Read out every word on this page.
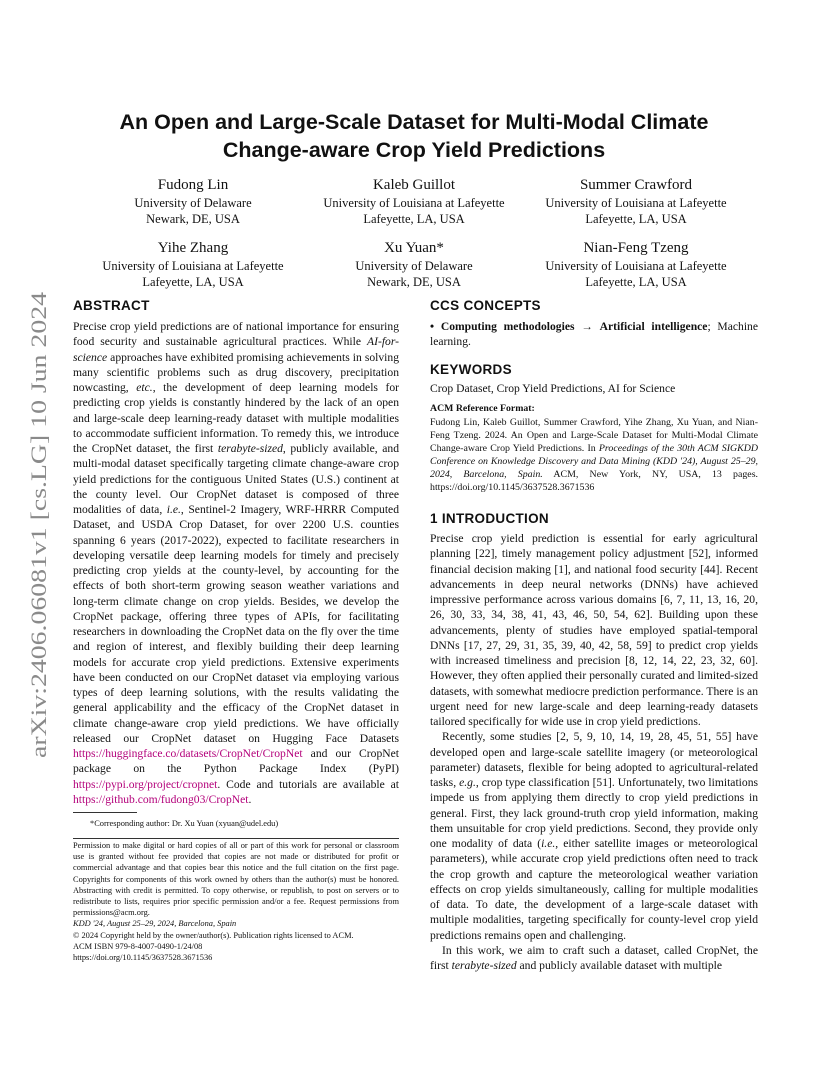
arXiv:2406.06081v1 [cs.LG] 10 Jun 2024
An Open and Large-Scale Dataset for Multi-Modal Climate
Change-aware Crop Yield Predictions
Fudong Lin
University of Delaware
Newark, DE, USA
Kaleb Guillot
University of Louisiana at Lafeyette
Lafeyette, LA, USA
Summer Crawford
University of Louisiana at Lafeyette
Lafeyette, LA, USA
Yihe Zhang
University of Louisiana at Lafeyette
Lafeyette, LA, USA
Xu Yuan*
University of Delaware
Newark, DE, USA
Nian-Feng Tzeng
University of Louisiana at Lafeyette
Lafeyette, LA, USA
ABSTRACT

Precise crop yield predictions are of national importance for ensuring food security and sustainable agricultural practices. While AI-for-science approaches have exhibited promising achievements in solving many scientific problems such as drug discovery, precipitation nowcasting, etc., the development of deep learning models for predicting crop yields is constantly hindered by the lack of an open and large-scale deep learning-ready dataset with multiple modalities to accommodate sufficient information. To remedy this, we introduce the CropNet dataset, the first terabyte-sized, publicly available, and multi-modal dataset specifically targeting climate change-aware crop yield predictions for the contiguous United States (U.S.) continent at the county level. Our CropNet dataset is composed of three modalities of data, i.e., Sentinel-2 Imagery, WRF-HRRR Computed Dataset, and USDA Crop Dataset, for over 2200 U.S. counties spanning 6 years (2017-2022), expected to facilitate researchers in developing versatile deep learning models for timely and precisely predicting crop yields at the county-level, by accounting for the effects of both short-term growing season weather variations and long-term climate change on crop yields. Besides, we develop the CropNet package, offering three types of APIs, for facilitating researchers in downloading the CropNet data on the fly over the time and region of interest, and flexibly building their deep learning models for accurate crop yield predictions. Extensive experiments have been conducted on our CropNet dataset via employing various types of deep learning solutions, with the results validating the general applicability and the efficacy of the CropNet dataset in climate change-aware crop yield predictions. We have officially released our CropNet dataset on Hugging Face Datasets https://huggingface.co/datasets/CropNet/CropNet and our CropNet package on the Python Package Index (PyPI) https://pypi.org/project/cropnet. Code and tutorials are available at https://github.com/fudong03/CropNet.

*Corresponding author: Dr. Xu Yuan (xyuan@udel.edu)
Permission to make digital or hard copies of all or part of this work for personal or classroom use is granted without fee provided that copies are not made or distributed for profit or commercial advantage and that copies bear this notice and the full citation on the first page. Copyrights for components of this work owned by others than the author(s) must be honored. Abstracting with credit is permitted. To copy otherwise, or republish, to post on servers or to redistribute to lists, requires prior specific permission and/or a fee. Request permissions from permissions@acm.org.
KDD '24, August 25–29, 2024, Barcelona, Spain
© 2024 Copyright held by the owner/author(s). Publication rights licensed to ACM.
ACM ISBN 979-8-4007-0490-1/24/08
https://doi.org/10.1145/3637528.3671536
CCS CONCEPTS
• Computing methodologies → Artificial intelligence; Machine learning.
KEYWORDS
Crop Dataset, Crop Yield Predictions, AI for Science
ACM Reference Format:
Fudong Lin, Kaleb Guillot, Summer Crawford, Yihe Zhang, Xu Yuan, and Nian-Feng Tzeng. 2024. An Open and Large-Scale Dataset for Multi-Modal Climate Change-aware Crop Yield Predictions. In Proceedings of the 30th ACM SIGKDD Conference on Knowledge Discovery and Data Mining (KDD '24), August 25–29, 2024, Barcelona, Spain. ACM, New York, NY, USA, 13 pages. https://doi.org/10.1145/3637528.3671536
1 INTRODUCTION

Precise crop yield prediction is essential for early agricultural planning [22], timely management policy adjustment [52], informed financial decision making [1], and national food security [44]. Recent advancements in deep neural networks (DNNs) have achieved impressive performance across various domains [6, 7, 11, 13, 16, 20, 26, 30, 33, 34, 38, 41, 43, 46, 50, 54, 62]. Building upon these advancements, plenty of studies have employed spatial-temporal DNNs [17, 27, 29, 31, 35, 39, 40, 42, 58, 59] to predict crop yields with increased timeliness and precision [8, 12, 14, 22, 23, 32, 60]. However, they often applied their personally curated and limited-sized datasets, with somewhat mediocre prediction performance. There is an urgent need for new large-scale and deep learning-ready datasets tailored specifically for wide use in crop yield predictions.

Recently, some studies [2, 5, 9, 10, 14, 19, 28, 45, 51, 55] have developed open and large-scale satellite imagery (or meteorological parameter) datasets, flexible for being adopted to agricultural-related tasks, e.g., crop type classification [51]. Unfortunately, two limitations impede us from applying them directly to crop yield predictions in general. First, they lack ground-truth crop yield information, making them unsuitable for crop yield predictions. Second, they provide only one modality of data (i.e., either satellite images or meteorological parameters), while accurate crop yield predictions often need to track the crop growth and capture the meteorological weather variation effects on crop yields simultaneously, calling for multiple modalities of data. To date, the development of a large-scale dataset with multiple modalities, targeting specifically for county-level crop yield predictions remains open and challenging.

In this work, we aim to craft such a dataset, called CropNet, the first terabyte-sized and publicly available dataset with multiple
